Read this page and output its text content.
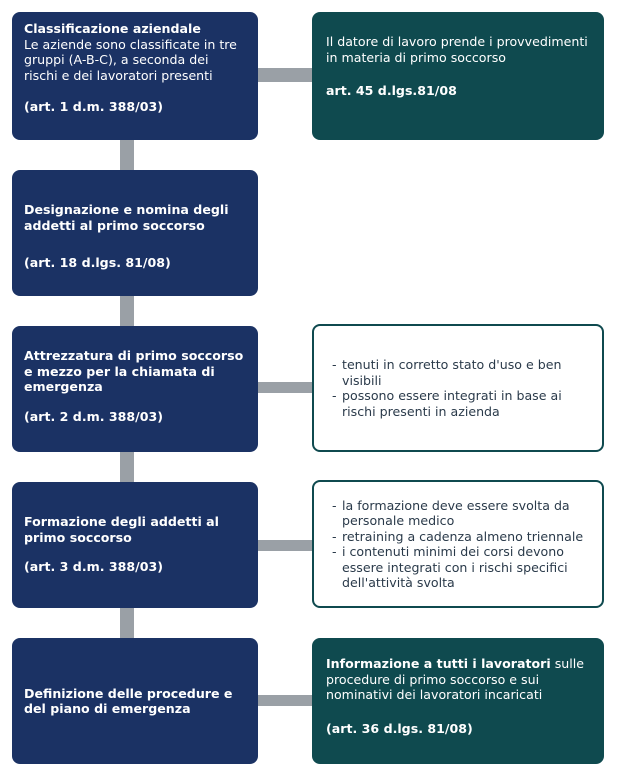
Classificazione aziendale
Le aziende sono classificate in tre gruppi (A-B-C), a seconda dei rischi e dei lavoratori presenti
(art. 1 d.m. 388/03)
Il datore di lavoro prende i provvedimenti in materia di primo soccorso
art. 45 d.lgs.81/08
Designazione e nomina degli addetti al primo soccorso
(art. 18 d.lgs. 81/08)
Attrezzatura di primo soccorso e mezzo per la chiamata di emergenza
(art. 2 d.m. 388/03)
- tenuti in corretto stato d'uso e ben visibili
- possono essere integrati in base ai rischi presenti in azienda
Formazione degli addetti al primo soccorso
(art. 3 d.m. 388/03)
- la formazione deve essere svolta da personale medico
- retraining a cadenza almeno triennale
- i contenuti minimi dei corsi devono essere integrati con i rischi specifici dell'attività svolta
Definizione delle procedure e del piano di emergenza
Informazione a tutti i lavoratori sulle procedure di primo soccorso e sui nominativi dei lavoratori incaricati
(art. 36 d.lgs. 81/08)
